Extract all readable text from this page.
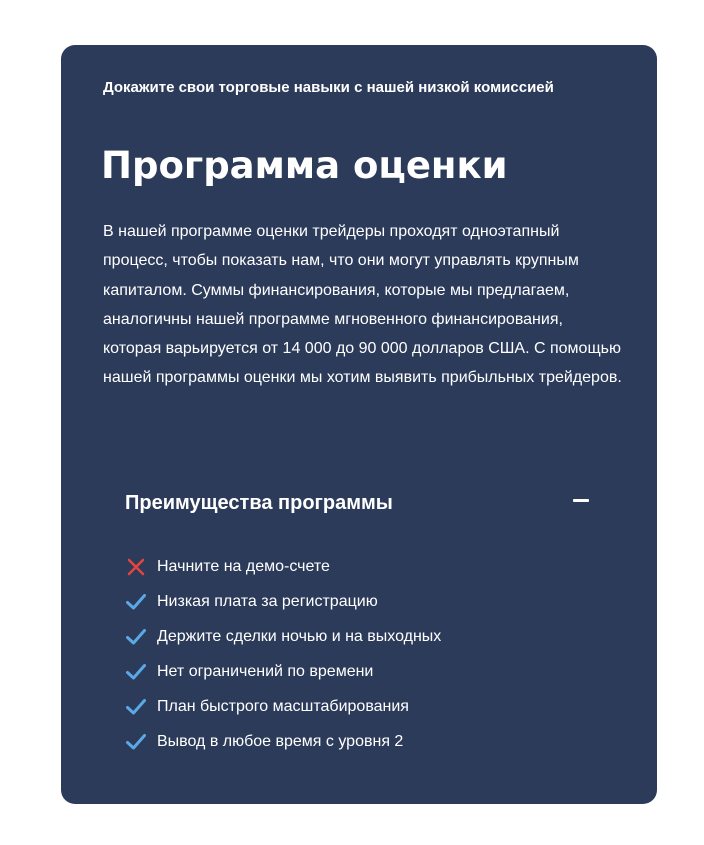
Докажите свои торговые навыки с нашей низкой комиссией
Программа оценки

В нашей программе оценки трейдеры проходят одноэтапный процесс, чтобы показать нам, что они могут управлять крупным капиталом. Суммы финансирования, которые мы предлагаем, аналогичны нашей программе мгновенного финансирования, которая варьируется от 14 000 до 90 000 долларов США. С помощью нашей программы оценки мы хотим выявить прибыльных трейдеров.

Преимущества программы
Начните на демо-счете
Низкая плата за регистрацию
Держите сделки ночью и на выходных
Нет ограничений по времени
План быстрого масштабирования
Вывод в любое время с уровня 2
